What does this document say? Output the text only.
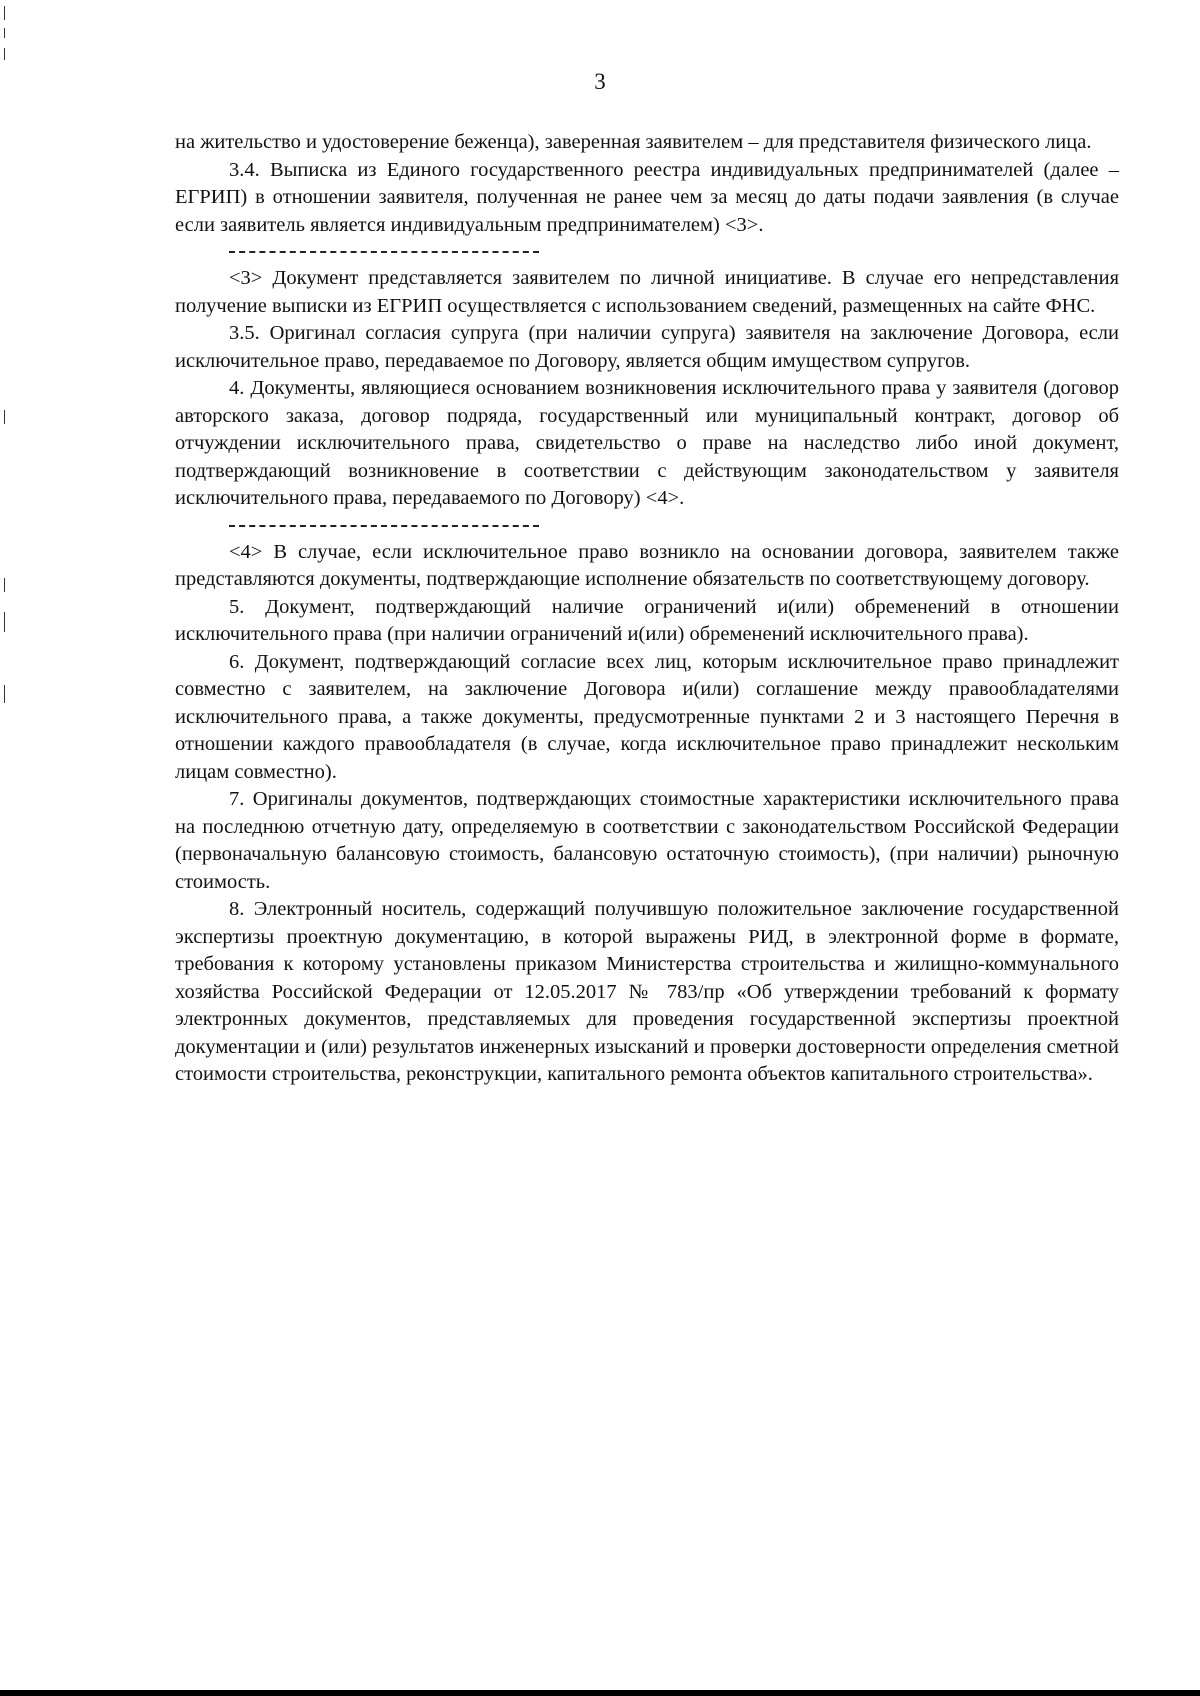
3

на жительство и удостоверение беженца), заверенная заявителем – для представителя физического лица.

3.4. Выписка из Единого государственного реестра индивидуальных предпринимателей (далее – ЕГРИП) в отношении заявителя, полученная не ранее чем за месяц до даты подачи заявления (в случае если заявитель является индивидуальным предпринимателем) <3>.

<3> Документ представляется заявителем по личной инициативе. В случае его непредставления получение выписки из ЕГРИП осуществляется с использованием сведений, размещенных на сайте ФНС.

3.5. Оригинал согласия супруга (при наличии супруга) заявителя на заключение Договора, если исключительное право, передаваемое по Договору, является общим имуществом супругов.

4. Документы, являющиеся основанием возникновения исключительного права у заявителя (договор авторского заказа, договор подряда, государственный или муниципальный контракт, договор об отчуждении исключительного права, свидетельство о праве на наследство либо иной документ, подтверждающий возникновение в соответствии с действующим законодательством у заявителя исключительного права, передаваемого по Договору) <4>.

<4> В случае, если исключительное право возникло на основании договора, заявителем также представляются документы, подтверждающие исполнение обязательств по соответствующему договору.

5. Документ, подтверждающий наличие ограничений и(или) обременений в отношении исключительного права (при наличии ограничений и(или) обременений исключительного права).

6. Документ, подтверждающий согласие всех лиц, которым исключительное право принадлежит совместно с заявителем, на заключение Договора и(или) соглашение между правообладателями исключительного права, а также документы, предусмотренные пунктами 2 и 3 настоящего Перечня в отношении каждого правообладателя (в случае, когда исключительное право принадлежит нескольким лицам совместно).

7. Оригиналы документов, подтверждающих стоимостные характеристики исключительного права на последнюю отчетную дату, определяемую в соответствии с законодательством Российской Федерации (первоначальную балансовую стоимость, балансовую остаточную стоимость), (при наличии) рыночную стоимость.

8. Электронный носитель, содержащий получившую положительное заключение государственной экспертизы проектную документацию, в которой выражены РИД, в электронной форме в формате, требования к которому установлены приказом Министерства строительства и жилищно-коммунального хозяйства Российской Федерации от 12.05.2017 № 783/пр «Об утверждении требований к формату электронных документов, представляемых для проведения государственной экспертизы проектной документации и (или) результатов инженерных изысканий и проверки достоверности определения сметной стоимости строительства, реконструкции, капитального ремонта объектов капитального строительства».
